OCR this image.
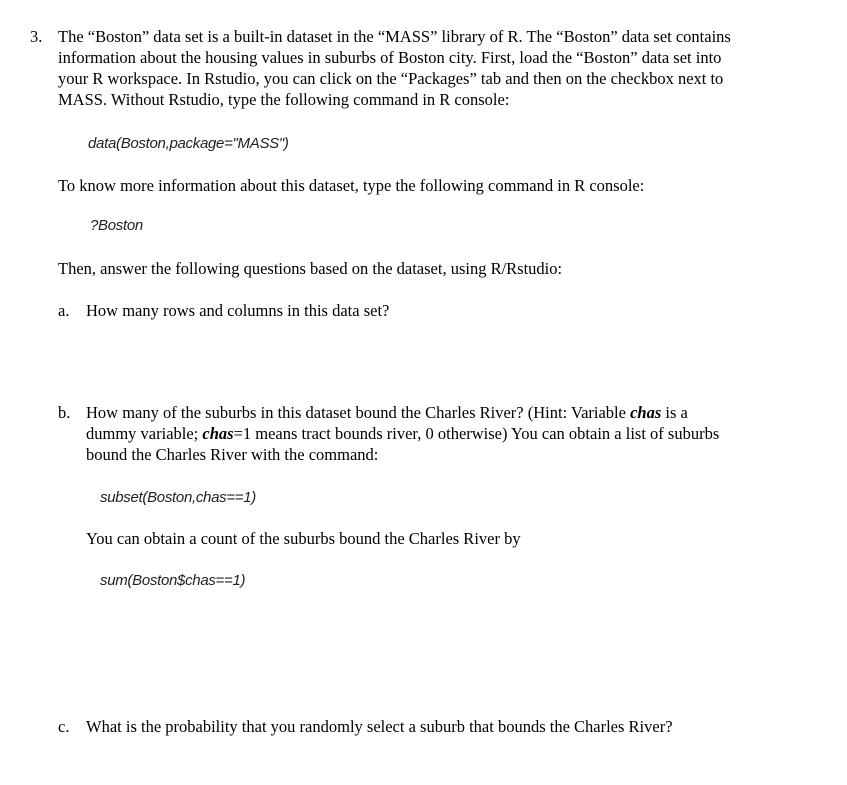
3. The “Boston” data set is a built-in dataset in the “MASS” library of R. The “Boston” data set contains
information about the housing values in suburbs of Boston city. First, load the “Boston” data set into
your R workspace. In Rstudio, you can click on the “Packages” tab and then on the checkbox next to
MASS. Without Rstudio, type the following command in R console:
data(Boston,package="MASS")
To know more information about this dataset, type the following command in R console:
?Boston
Then, answer the following questions based on the dataset, using R/Rstudio:
a. How many rows and columns in this data set?
b. How many of the suburbs in this dataset bound the Charles River? (Hint: Variable chas is a
dummy variable; chas=1 means tract bounds river, 0 otherwise) You can obtain a list of suburbs
bound the Charles River with the command:
subset(Boston,chas==1)
You can obtain a count of the suburbs bound the Charles River by
sum(Boston$chas==1)
c. What is the probability that you randomly select a suburb that bounds the Charles River?
